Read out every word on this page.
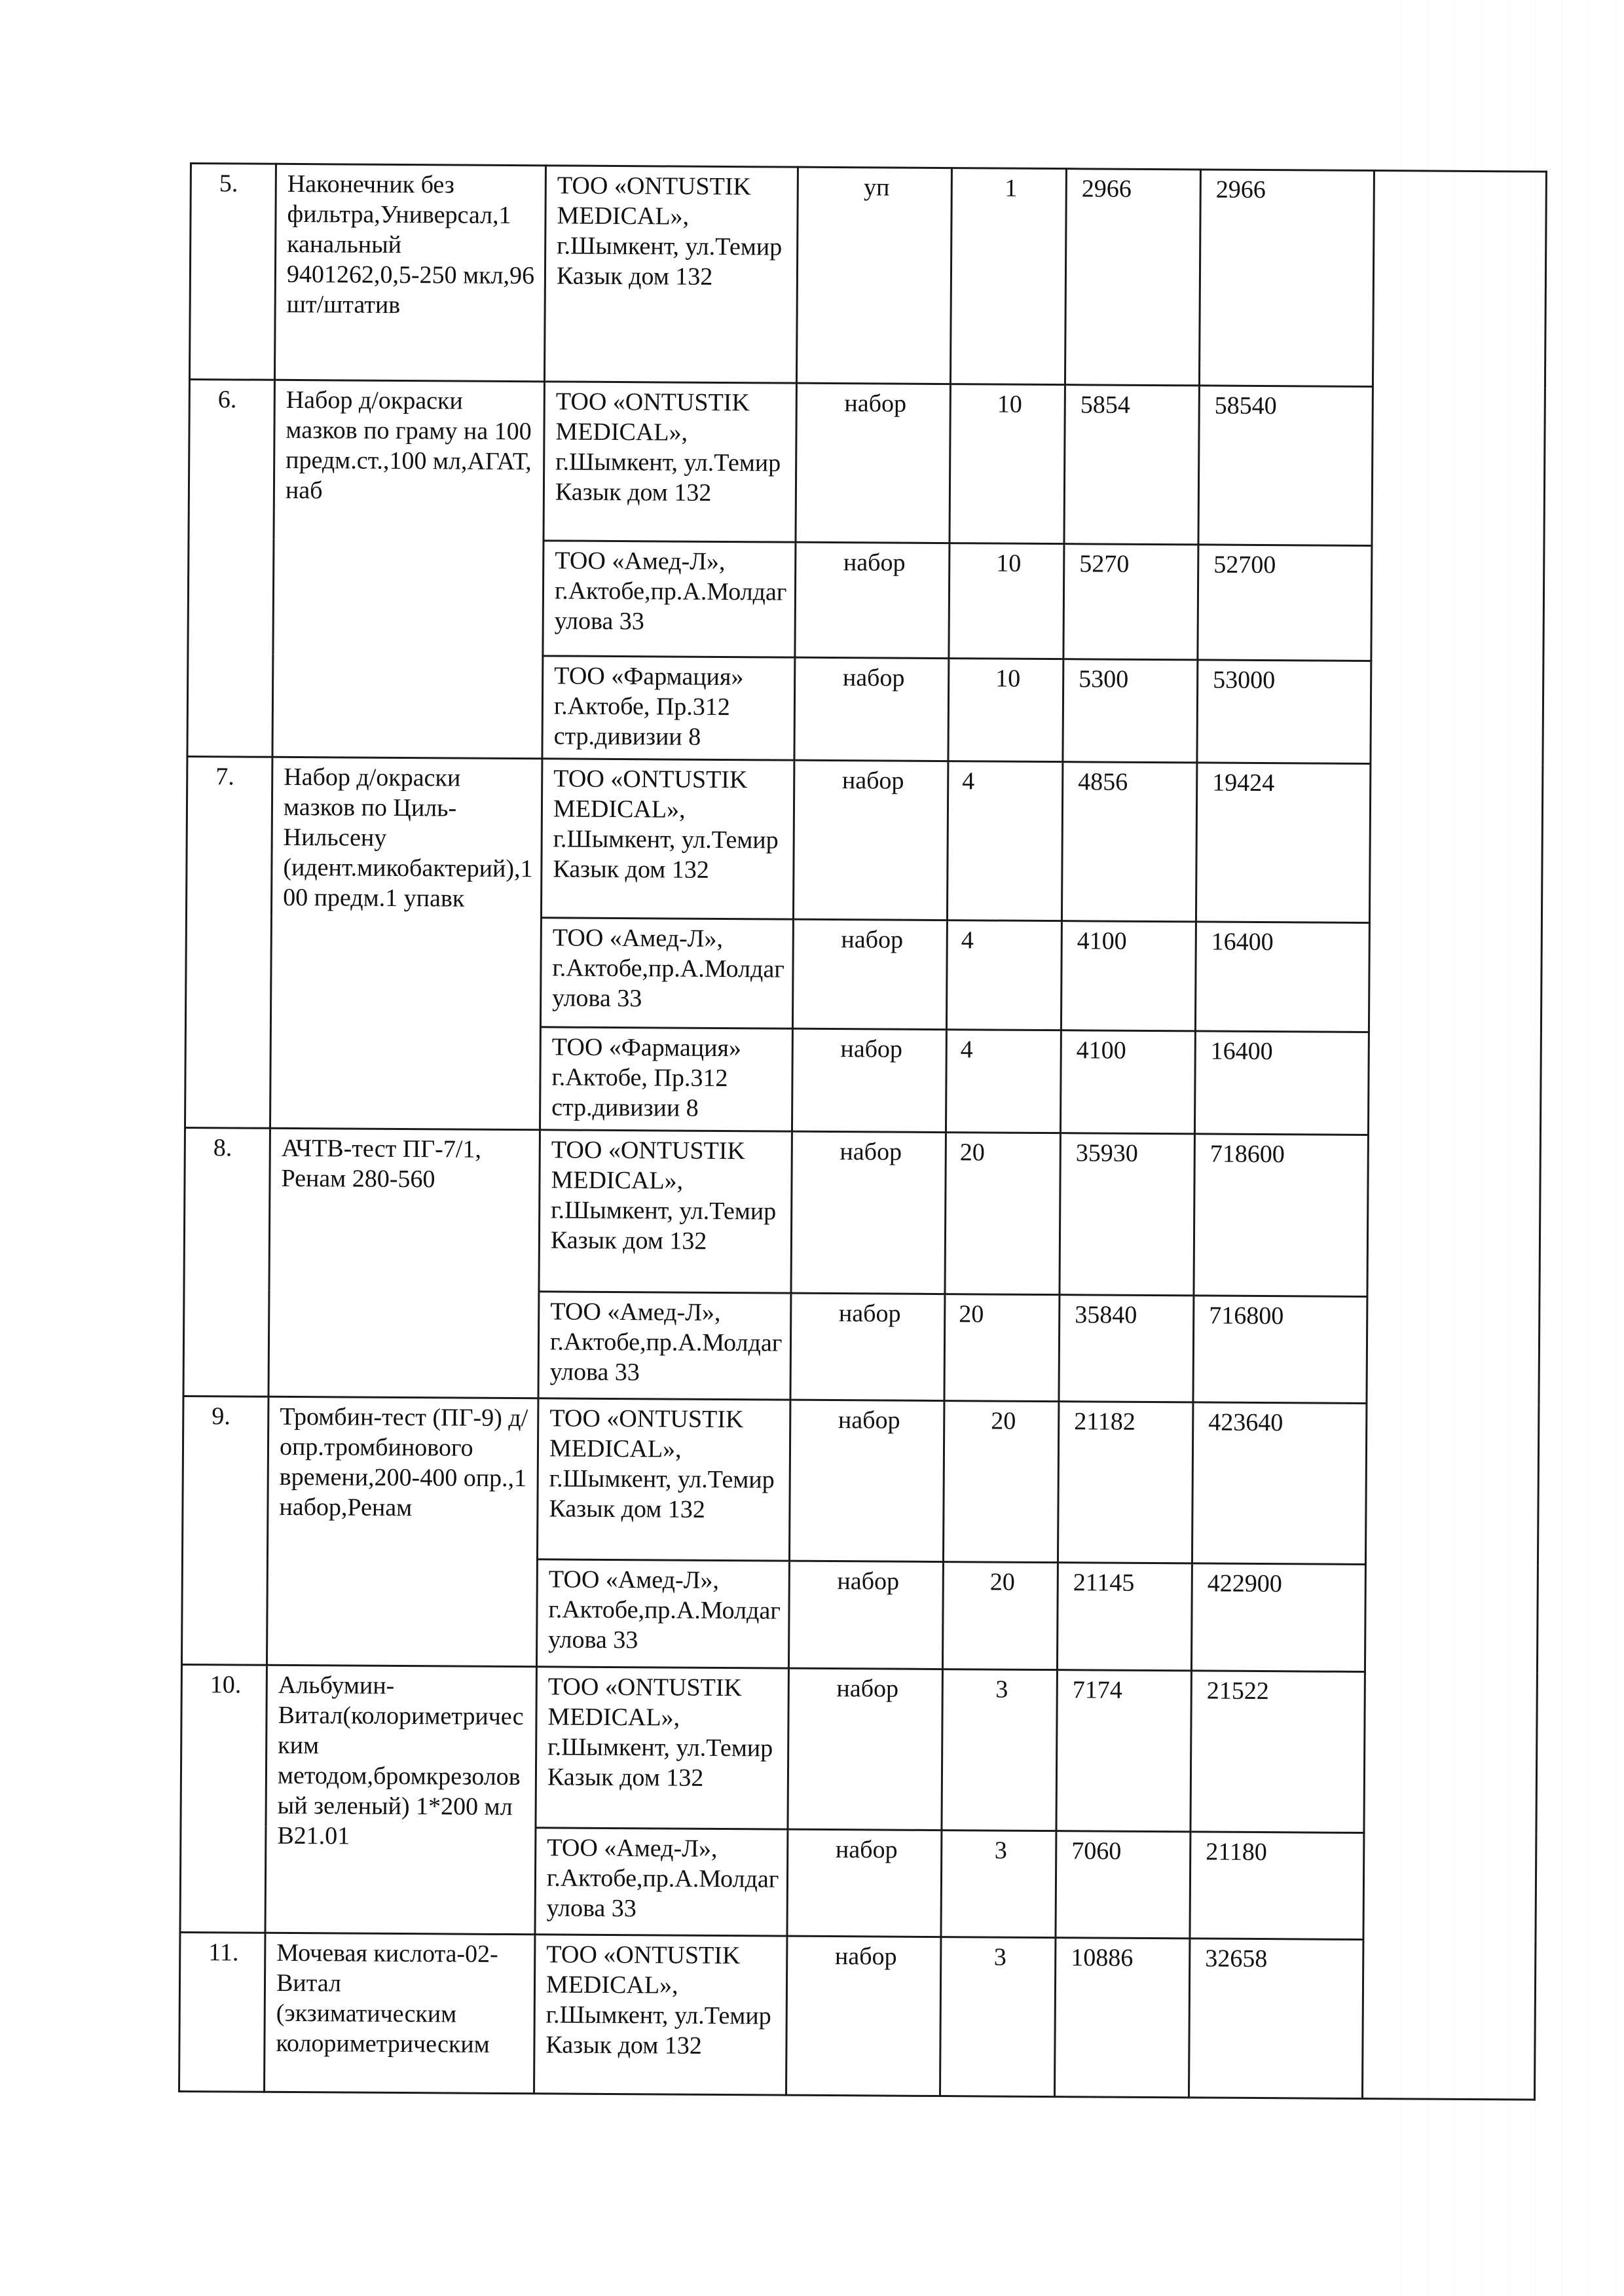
5.	Наконечник без фильтра,Универсал,1 канальный 9401262,0,5-250 мкл,96 шт/штатив	ТОО «ONTUSTIK MEDICAL», г.Шымкент, ул.Темир Казык дом 132	уп	1	2966	2966	
6.	Набор д/окраски мазков по граму на 100 предм.ст.,100 мл,АГАТ, наб	ТОО «ONTUSTIK MEDICAL», г.Шымкент, ул.Темир Казык дом 132	набор	10	5854	58540	
		ТОО «Амед-Л», г.Актобе,пр.А.Молдагулова 33	набор	10	5270	52700	
		ТОО «Фармация» г.Актобе, Пр.312 стр.дивизии 8	набор	10	5300	53000	
7.	Набор д/окраски мазков по Циль-Нильсену (идент.микобактерий),100 предм.1 упавк	ТОО «ONTUSTIK MEDICAL», г.Шымкент, ул.Темир Казык дом 132	набор	4	4856	19424	
		ТОО «Амед-Л», г.Актобе,пр.А.Молдагулова 33	набор	4	4100	16400	
		ТОО «Фармация» г.Актобе, Пр.312 стр.дивизии 8	набор	4	4100	16400	
8.	АЧТВ-тест ПГ-7/1, Ренам 280-560	ТОО «ONTUSTIK MEDICAL», г.Шымкент, ул.Темир Казык дом 132	набор	20	35930	718600	
		ТОО «Амед-Л», г.Актобе,пр.А.Молдагулова 33	набор	20	35840	716800	
9.	Тромбин-тест (ПГ-9) д/опр.тромбинового времени,200-400 опр.,1 набор,Ренам	ТОО «ONTUSTIK MEDICAL», г.Шымкент, ул.Темир Казык дом 132	набор	20	21182	423640	
		ТОО «Амед-Л», г.Актобе,пр.А.Молдагулова 33	набор	20	21145	422900	
10.	Альбумин-Витал(колориметрическим методом,бромкрезоловый зеленый) 1*200 мл В21.01	ТОО «ONTUSTIK MEDICAL», г.Шымкент, ул.Темир Казык дом 132	набор	3	7174	21522	
		ТОО «Амед-Л», г.Актобе,пр.А.Молдагулова 33	набор	3	7060	21180	
11.	Мочевая кислота-02-Витал (экзиматическим колориметрическим	ТОО «ONTUSTIK MEDICAL», г.Шымкент, ул.Темир Казык дом 132	набор	3	10886	32658	
